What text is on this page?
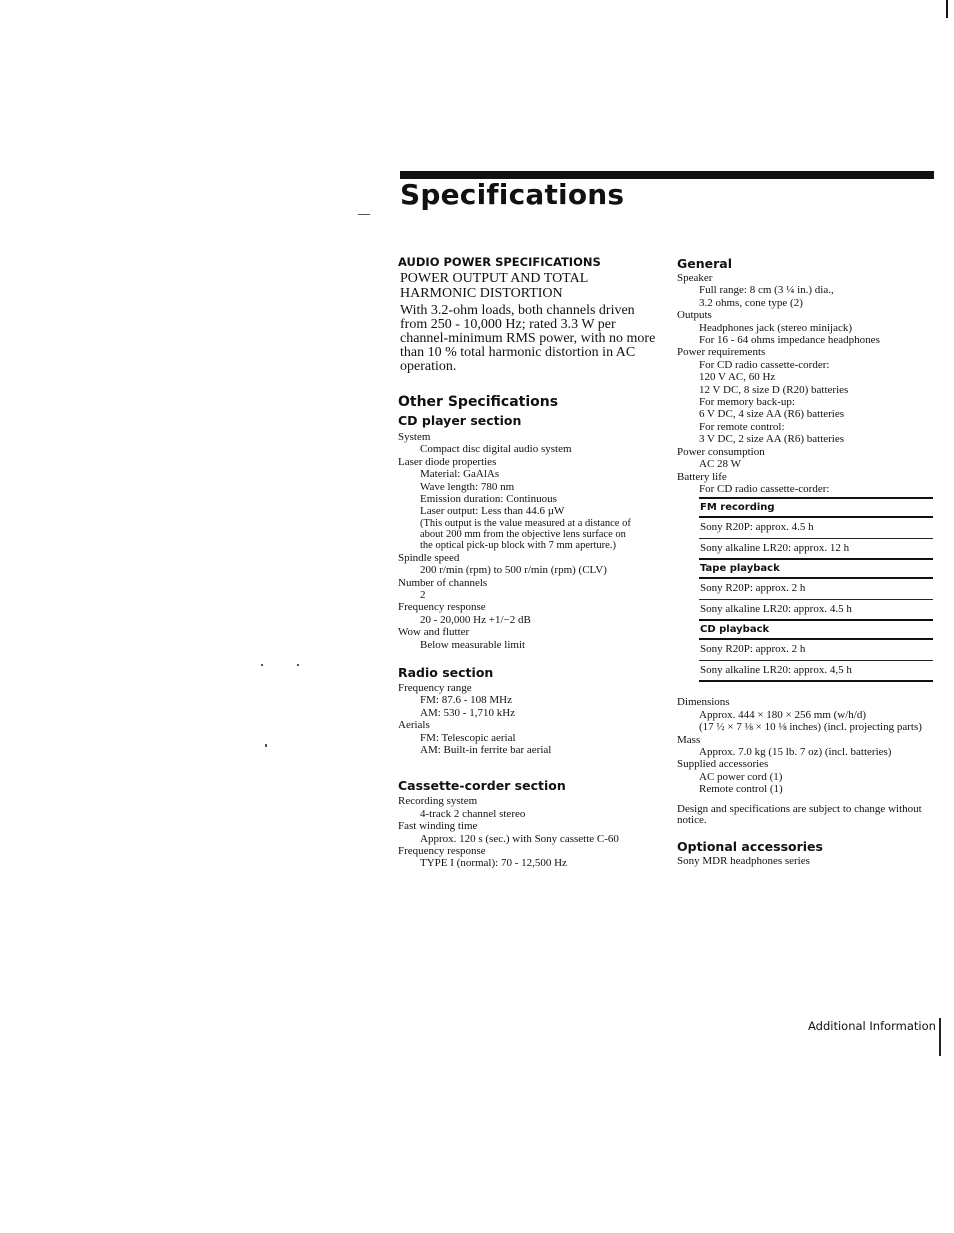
Specifications
AUDIO POWER SPECIFICATIONS
POWER OUTPUT AND TOTAL
HARMONIC DISTORTION
With 3.2-ohm loads, both channels driven
from 250 - 10,000 Hz; rated 3.3 W per
channel-minimum RMS power, with no more
than 10 % total harmonic distortion in AC
operation.
Other Specifications
CD player section
System
Compact disc digital audio system
Laser diode properties
Material: GaAlAs
Wave length: 780 nm
Emission duration: Continuous
Laser output: Less than 44.6 µW
(This output is the value measured at a distance of
about 200 mm from the objective lens surface on
the optical pick-up block with 7 mm aperture.)
Spindle speed
200 r/min (rpm) to 500 r/min (rpm) (CLV)
Number of channels
2
Frequency response
20 - 20,000 Hz +1/−2 dB
Wow and flutter
Below measurable limit
Radio section
Frequency range
FM: 87.6 - 108 MHz
AM: 530 - 1,710 kHz
Aerials
FM: Telescopic aerial
AM: Built-in ferrite bar aerial
Cassette-corder section
Recording system
4-track 2 channel stereo
Fast winding time
Approx. 120 s (sec.) with Sony cassette C-60
Frequency response
TYPE I (normal): 70 - 12,500 Hz
General
Speaker
Full range: 8 cm (3 ¼ in.) dia.,
3.2 ohms, cone type (2)
Outputs
Headphones jack (stereo minijack)
For 16 - 64 ohms impedance headphones
Power requirements
For CD radio cassette-corder:
120 V AC, 60 Hz
12 V DC, 8 size D (R20) batteries
For memory back-up:
6 V DC, 4 size AA (R6) batteries
For remote control:
3 V DC, 2 size AA (R6) batteries
Power consumption
AC 28 W
Battery life
For CD radio cassette-corder:
FM recording
Sony R20P: approx. 4.5 h
Sony alkaline LR20: approx. 12 h
Tape playback
Sony R20P: approx. 2 h
Sony alkaline LR20: approx. 4.5 h
CD playback
Sony R20P: approx. 2 h
Sony alkaline LR20: approx. 4,5 h
Dimensions
Approx. 444 × 180 × 256 mm (w/h/d)
(17 ½ × 7 ⅛ × 10 ⅛ inches) (incl. projecting parts)
Mass
Approx. 7.0 kg (15 lb. 7 oz) (incl. batteries)
Supplied accessories
AC power cord (1)
Remote control (1)
Design and specifications are subject to change without
notice.
Optional accessories
Sony MDR headphones series
Additional Information
